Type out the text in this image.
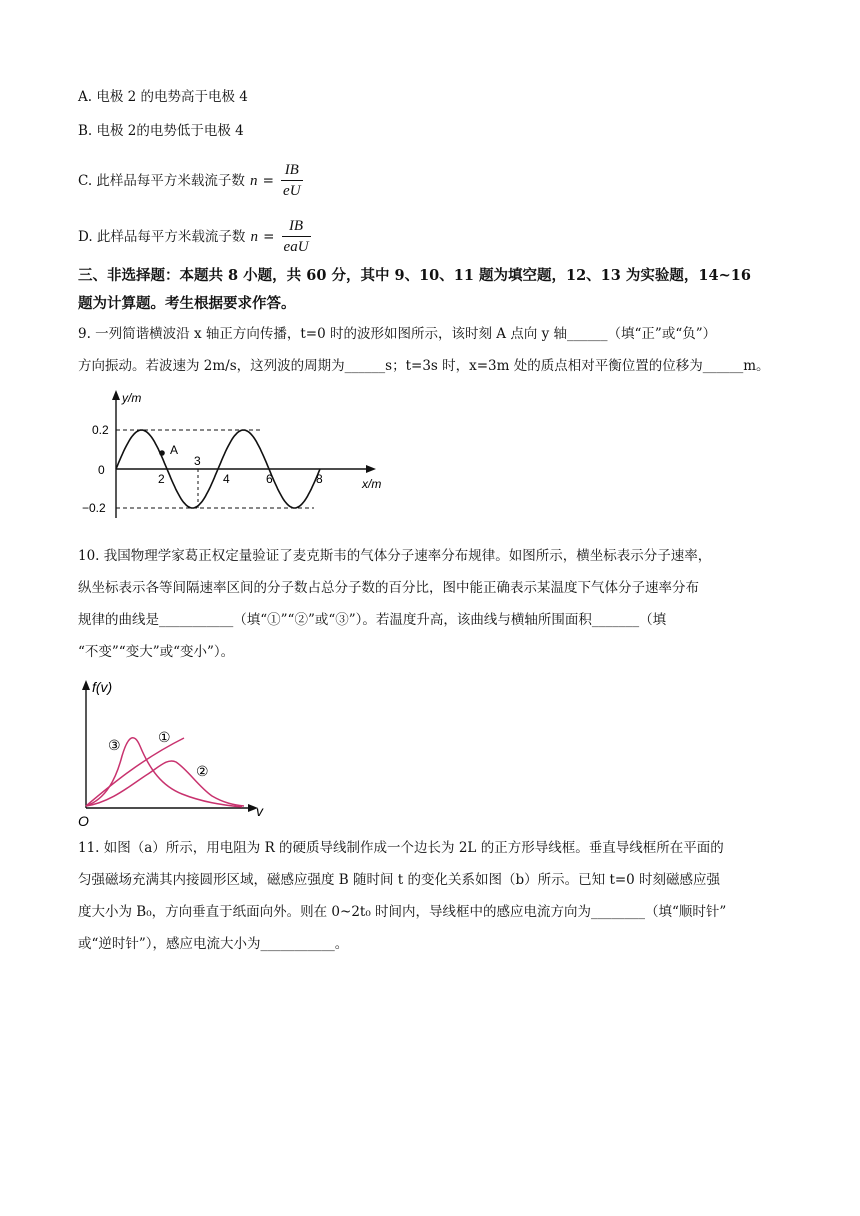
A. 电极 2 的电势高于电极 4
B. 电极 2的电势低于电极 4
C. 此样品每平方米载流子数 $n = \frac{IB}{eU}$
D. 此样品每平方米载流子数 $n = \frac{IB}{\text{eaU}}$
三、非选择题：本题共 8 小题，共 60 分，其中 9、10、11 题为填空题，12、13 为实验题，14~16
题为计算题。考生根据要求作答。
9. 一列简谐横波沿 x 轴正方向传播，t=0 时的波形如图所示，该时刻 A 点向 y 轴______（填“正”或“负”）
方向振动。若波速为 2m/s，这列波的周期为______s；t=3s 时，x=3m 处的质点相对平衡位置的位移为______m。
A
y/m
x/m
0.2
0
−0.2
2
3
4	6	8
10. 我国物理学家葛正权定量验证了麦克斯韦的气体分子速率分布规律。如图所示，横坐标表示分子速率，
纵坐标表示各等间隔速率区间的分子数占总分子数的百分比，图中能正确表示某温度下气体分子速率分布
规律的曲线是___________（填“①”“②”或“③”）。若温度升高，该曲线与横轴所围面积_______（填
“不变”“变大”或“变小”）。
f(v)
v
O
①
②
③
11. 如图（a）所示，用电阻为 R 的硬质导线制作成一个边长为 2L 的正方形导线框。垂直导线框所在平面的
匀强磁场充满其内接圆形区域，磁感应强度 B 随时间 t 的变化关系如图（b）所示。已知 t=0 时刻磁感应强
度大小为 B₀，方向垂直于纸面向外。则在 0~2t₀ 时间内，导线框中的感应电流方向为________（填“顺时针”
或“逆时针”），感应电流大小为___________。
